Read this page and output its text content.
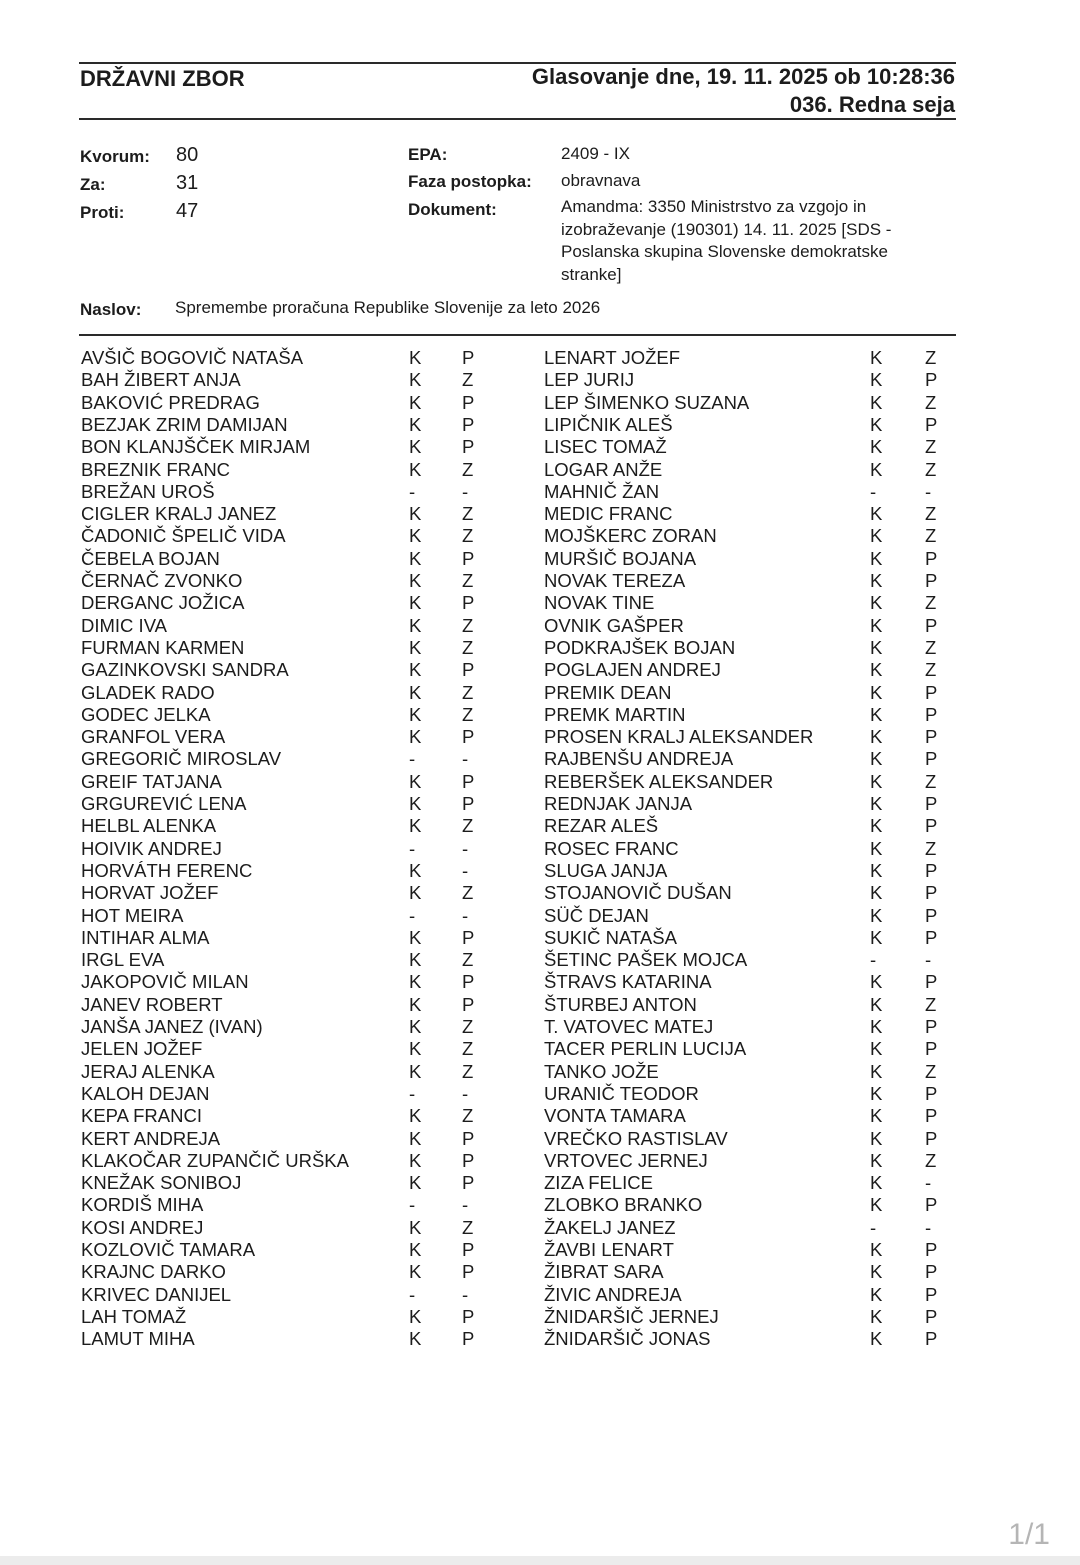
DRŽAVNI ZBOR	Glasovanje dne, 19. 11. 2025 ob 10:28:36
036. Redna seja
Kvorum: 80
Za:	31
Proti:	47
EPA:	2409 - IX
Faza postopka: obravnava
Dokument:	Amandma: 3350 Ministrstvo za vzgojo in izobraževanje (190301) 14. 11. 2025 [SDS - Poslanska skupina Slovenske demokratske stranke]
Naslov: Spremembe proračuna Republike Slovenije za leto 2026
AVŠIČ BOGOVIČ NATAŠA	K P
BAH ŽIBERT ANJA	K Z
BAKOVIĆ PREDRAG	K P
BEZJAK ZRIM DAMIJAN	K P
BON KLANJŠČEK MIRJAM	K P
BREZNIK FRANC	K Z
BREŽAN UROŠ	-	-
CIGLER KRALJ JANEZ	K Z
ČADONIČ ŠPELIČ VIDA	K Z
ČEBELA BOJAN	K P
ČERNAČ ZVONKO	K Z
DERGANC JOŽICA	K P
DIMIC IVA	K Z
FURMAN KARMEN	K Z
GAZINKOVSKI SANDRA	K P
GLADEK RADO	K Z
GODEC JELKA	K Z
GRANFOL VERA	K P
GREGORIČ MIROSLAV	-	-
GREIF TATJANA	K P
GRGUREVIĆ LENA	K P
HELBL ALENKA	K Z
HOIVIK ANDREJ	-	-
HORVÁTH FERENC	K -
HORVAT JOŽEF	K Z
HOT MEIRA	-	-
INTIHAR ALMA	K P
IRGL EVA	K Z
JAKOPOVIČ MILAN	K P
JANEV ROBERT	K P
JANŠA JANEZ (IVAN)	K Z
JELEN JOŽEF	K Z
JERAJ ALENKA	K Z
KALOH DEJAN	-	-
KEPA FRANCI	K Z
KERT ANDREJA	K P
KLAKOČAR ZUPANČIČ URŠKA	K P
KNEŽAK SONIBOJ	K P
KORDIŠ MIHA	-	-
KOSI ANDREJ	K Z
KOZLOVIČ TAMARA	K P
KRAJNC DARKO	K P
KRIVEC DANIJEL	-	-
LAH TOMAŽ	K P
LAMUT MIHA	K P
LENART JOŽEF	K Z
LEP JURIJ	K P
LEP ŠIMENKO SUZANA	K Z
LIPIČNIK ALEŠ	K P
LISEC TOMAŽ	K Z
LOGAR ANŽE	K Z
MAHNIČ ŽAN	-	-
MEDIC FRANC	K Z
MOJŠKERC ZORAN	K Z
MURŠIČ BOJANA	K P
NOVAK TEREZA	K P
NOVAK TINE	K Z
OVNIK GAŠPER	K P
PODKRAJŠEK BOJAN	K Z
POGLAJEN ANDREJ	K Z
PREMIK DEAN	K P
PREMK MARTIN	K P
PROSEN KRALJ ALEKSANDER	K P
RAJBENŠU ANDREJA	K P
REBERŠEK ALEKSANDER	K Z
REDNJAK JANJA	K P
REZAR ALEŠ	K P
ROSEC FRANC	K Z
SLUGA JANJA	K P
STOJANOVIČ DUŠAN	K P
SÜČ DEJAN	K P
SUKIČ NATAŠA	K P
ŠETINC PAŠEK MOJCA	-	-
ŠTRAVS KATARINA	K P
ŠTURBEJ ANTON	K Z
T. VATOVEC MATEJ	K P
TACER PERLIN LUCIJA	K P
TANKO JOŽE	K Z
URANIČ TEODOR	K P
VONTA TAMARA	K P
VREČKO RASTISLAV	K P
VRTOVEC JERNEJ	K Z
ZIZA FELICE	K -
ZLOBKO BRANKO	K P
ŽAKELJ JANEZ	-	-
ŽAVBI LENART	K P
ŽIBRAT SARA	K P
ŽIVIC ANDREJA	K P
ŽNIDARŠIČ JERNEJ	K P
ŽNIDARŠIČ JONAS	K P
1/1
